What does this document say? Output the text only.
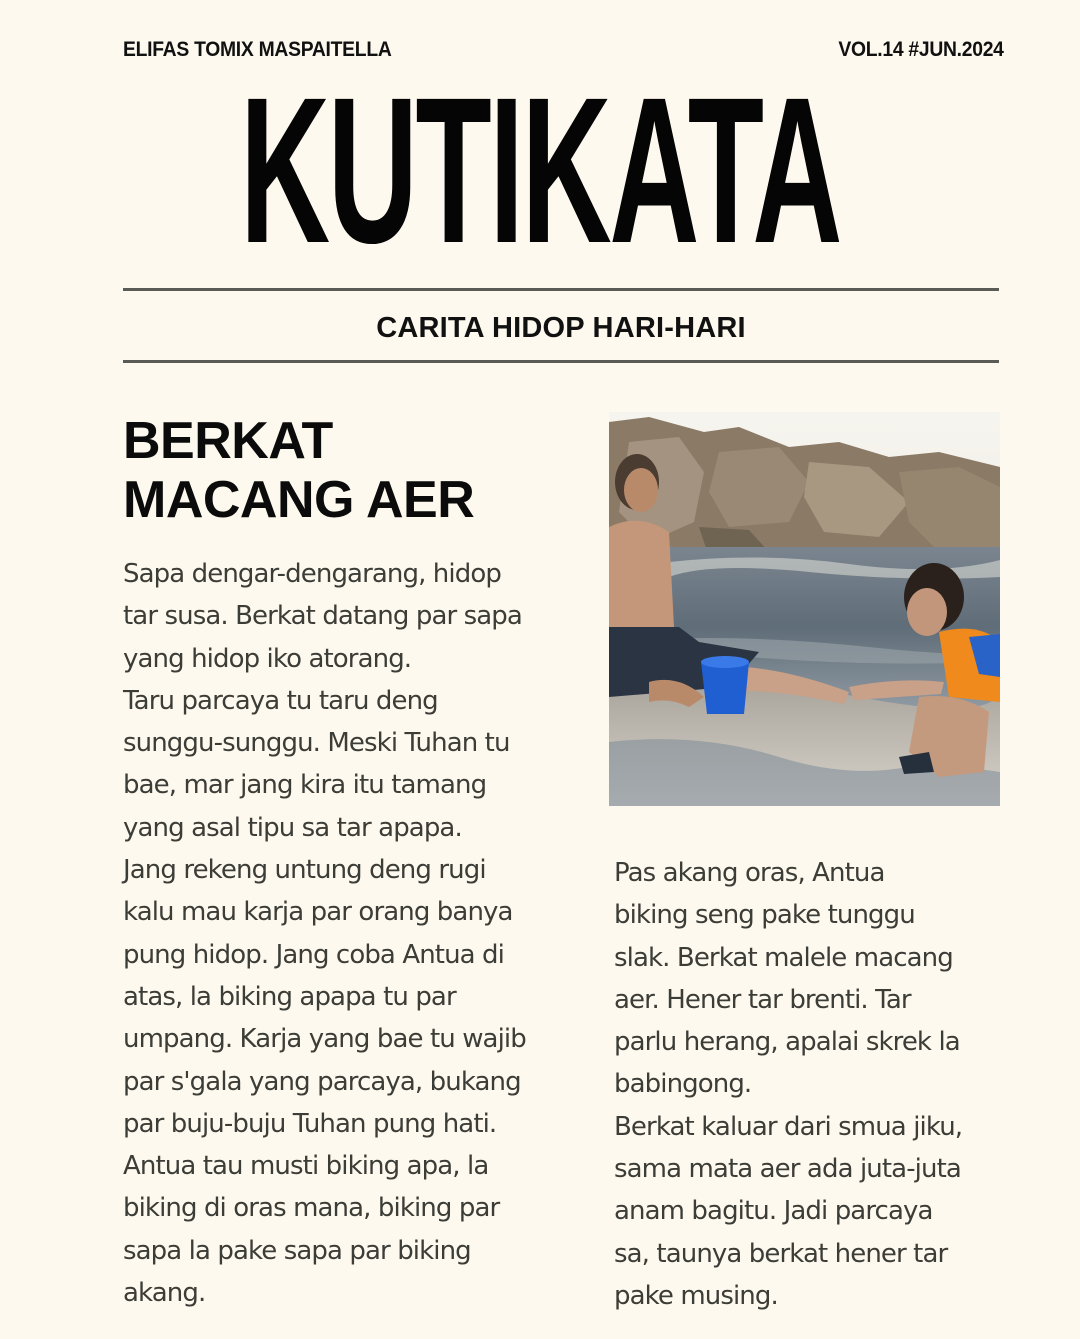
ELIFAS TOMIX MASPAITELLA	VOL.14 #JUN.2024
KUTIKATA
CARITA HIDOP HARI-HARI
BERKAT
MACANG AER
Sapa dengar-dengarang, hidop
tar susa. Berkat datang par sapa
yang hidop iko atorang.
Taru parcaya tu taru deng
sunggu-sunggu. Meski Tuhan tu
bae, mar jang kira itu tamang
yang asal tipu sa tar apapa.
Jang rekeng untung deng rugi
kalu mau karja par orang banya
pung hidop. Jang coba Antua di
atas, la biking apapa tu par
umpang. Karja yang bae tu wajib
par s'gala yang parcaya, bukang
par buju-buju Tuhan pung hati.
Antua tau musti biking apa, la
biking di oras mana, biking par
sapa la pake sapa par biking
akang.
Pas akang oras, Antua
biking seng pake tunggu
slak. Berkat malele macang
aer. Hener tar brenti. Tar
parlu herang, apalai skrek la
babingong.
Berkat kaluar dari smua jiku,
sama mata aer ada juta-juta
anam bagitu. Jadi parcaya
sa, taunya berkat hener tar
pake musing.
